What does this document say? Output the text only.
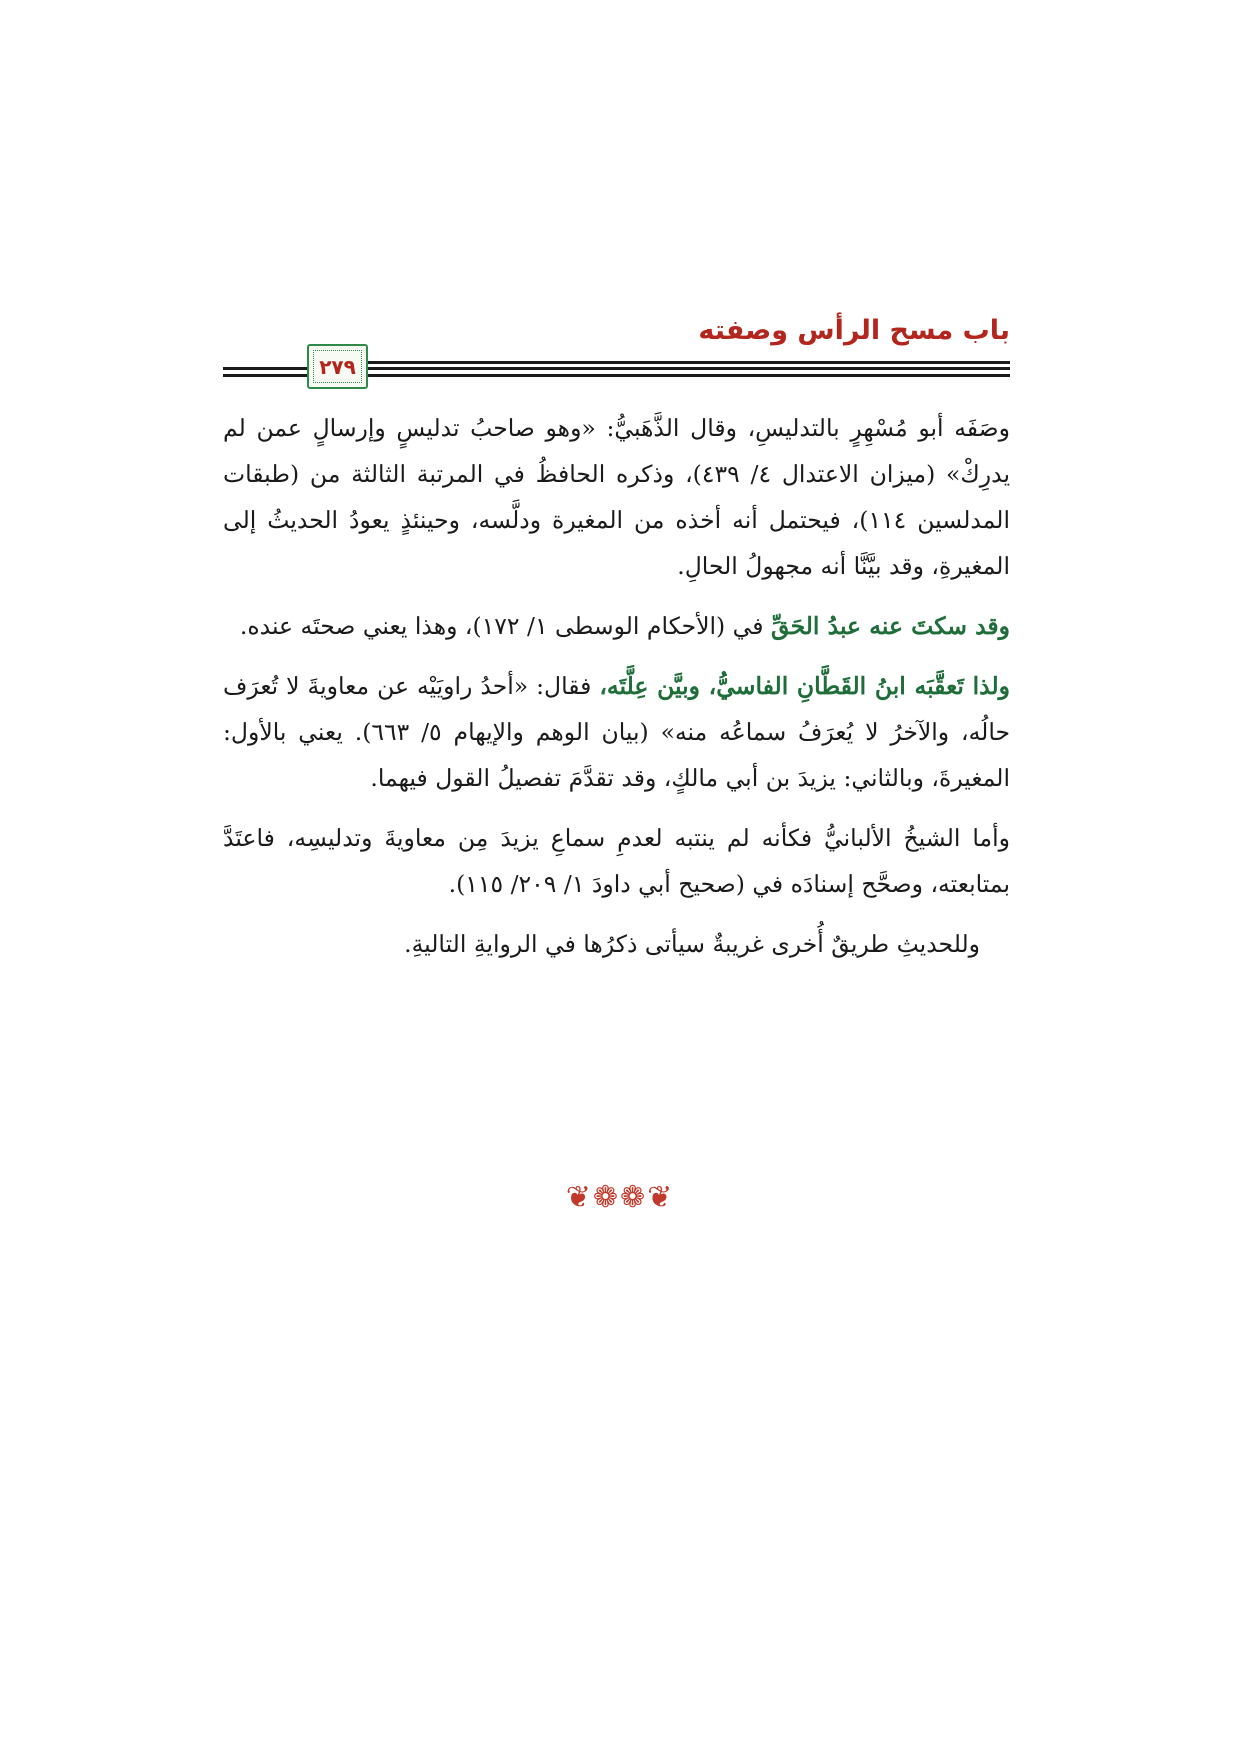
باب مسح الرأس وصفته
٢٧٩

وصَفَه أبو مُسْهِرٍ بالتدليسِ، وقال الذَّهَبيُّ: «وهو صاحبُ تدليسٍ وإرسالٍ عمن لم يدرِكْ» (ميزان الاعتدال ٤/ ٤٣٩)، وذكره الحافظُ في المرتبة الثالثة من (طبقات المدلسين ١١٤)، فيحتمل أنه أخذه من المغيرة ودلَّسه، وحينئذٍ يعودُ الحديثُ إلى المغيرةِ، وقد بيَّنَّا أنه مجهولُ الحالِ.

وقد سكتَ عنه عبدُ الحَقِّ في (الأحكام الوسطى ١/ ١٧٢)، وهذا يعني صحتَه عنده.

ولذا تَعقَّبَه ابنُ القَطَّانِ الفاسيُّ، وبيَّن عِلَّتَه، فقال: «أحدُ راويَيْه عن معاويةَ لا تُعرَف حالُه، والآخرُ لا يُعرَفُ سماعُه منه» (بيان الوهم والإيهام ٥/ ٦٦٣). يعني بالأول: المغيرةَ، وبالثاني: يزيدَ بن أبي مالكٍ، وقد تقدَّمَ تفصيلُ القول فيهما.

وأما الشيخُ الألبانيُّ فكأنه لم ينتبه لعدمِ سماعِ يزيدَ مِن معاويةَ وتدليسِه، فاعتَدَّ بمتابعته، وصحَّح إسنادَه في (صحيح أبي داودَ ١/ ٢٠٩/ ١١٥).

وللحديثِ طريقٌ أُخرى غريبةٌ سيأتى ذكرُها في الروايةِ التاليةِ.

❦❁❁❦
